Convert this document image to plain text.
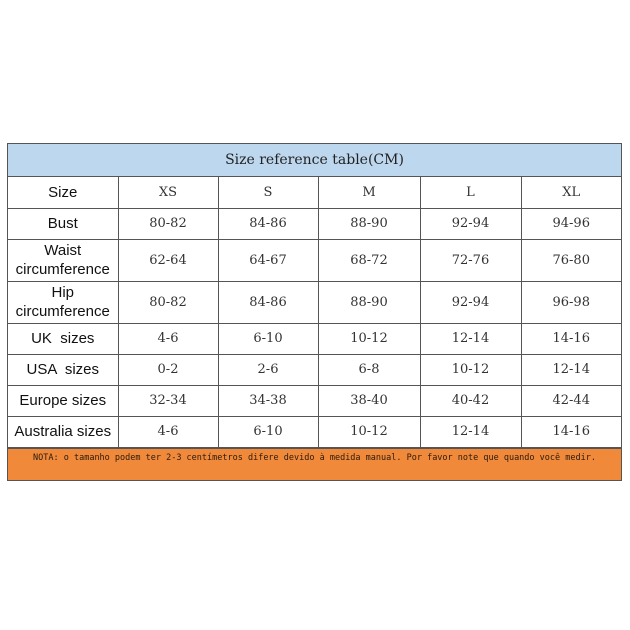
Size reference table(CM)
Size	XS	S	M	L	XL
Bust	80-82	84-86	88-90	92-94	94-96
Waist circumference	62-64	64-67	68-72	72-76	76-80
Hip circumference	80-82	84-86	88-90	92-94	96-98
UK  sizes	4-6	6-10	10-12	12-14	14-16
USA  sizes	0-2	2-6	6-8	10-12	12-14
Europe sizes	32-34	34-38	38-40	40-42	42-44
Australia sizes	4-6	6-10	10-12	12-14	14-16
NOTA: o tamanho podem ter 2-3 centímetros difere devido à medida manual. Por favor note que quando você medir.
